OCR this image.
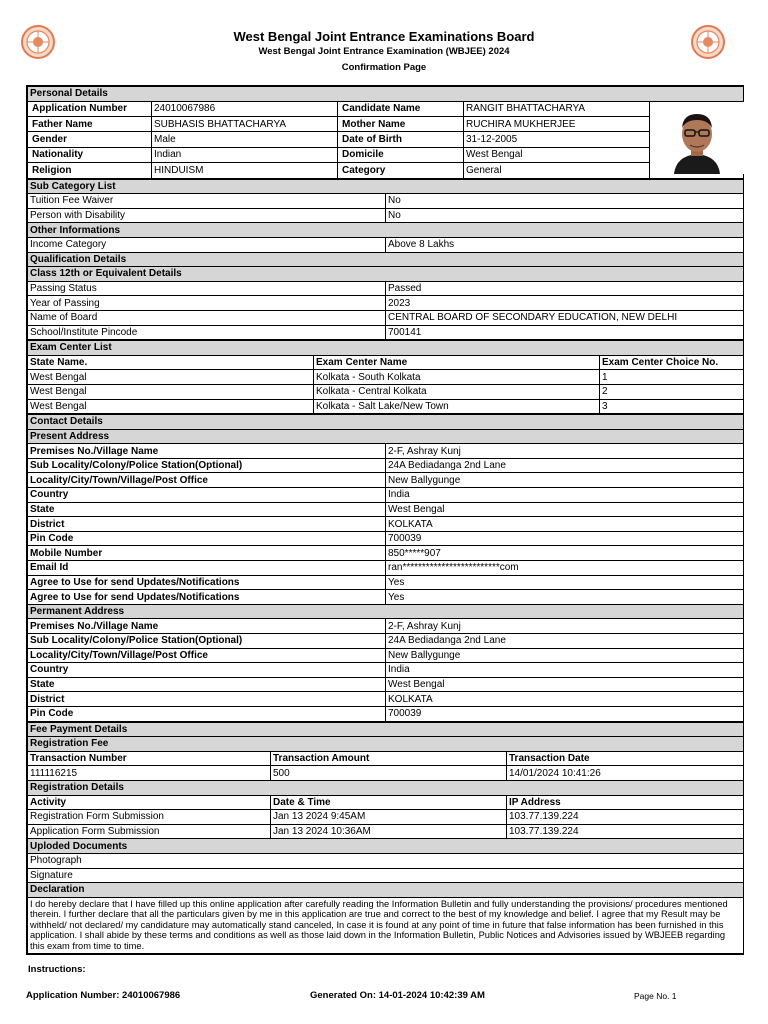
West Bengal Joint Entrance Examinations Board
West Bengal Joint Entrance Examination (WBJEE) 2024
Confirmation Page
Personal Details				
Application Number	24010067986	Candidate Name	RANGIT BHATTACHARYA	
Father Name	SUBHASIS BHATTACHARYA	Mother Name	RUCHIRA MUKHERJEE	
Gender	Male	Date of Birth	31-12-2005	
Nationality	Indian	Domicile	West Bengal	
Religion	HINDUISM	Category	General	
Sub Category List	
Tuition Fee Waiver	No
Person with Disability	No
Other Informations	
Income Category	Above 8 Lakhs
Qualification Details	
Class 12th or Equivalent Details	
Passing Status	Passed
Year of Passing	2023
Name of Board	CENTRAL BOARD OF SECONDARY EDUCATION, NEW DELHI
School/Institute Pincode	700141
Exam Center List		
State Name.	Exam Center Name	Exam Center Choice No.
West Bengal	Kolkata - South Kolkata	1
West Bengal	Kolkata - Central Kolkata	2
West Bengal	Kolkata - Salt Lake/New Town	3
Contact Details	
Present Address	
Premises No./Village Name	2-F, Ashray Kunj
Sub Locality/Colony/Police Station(Optional)	24A Bediadanga 2nd Lane
Locality/City/Town/Village/Post Office	New Ballygunge
Country	India
State	West Bengal
District	KOLKATA
Pin Code	700039
Mobile Number	850*****907
Email Id	ran*************************com
Agree to Use for send Updates/Notifications	Yes
Agree to Use for send Updates/Notifications	Yes
Permanent Address	
Premises No./Village Name	2-F, Ashray Kunj
Sub Locality/Colony/Police Station(Optional)	24A Bediadanga 2nd Lane
Locality/City/Town/Village/Post Office	New Ballygunge
Country	India
State	West Bengal
District	KOLKATA
Pin Code	700039
Fee Payment Details		
Registration Fee		
Transaction Number	Transaction Amount	Transaction Date
111116215	500	14/01/2024 10:41:26
Registration Details		
Activity	Date & Time	IP Address
Registration Form Submission	Jan 13 2024 9:45AM	103.77.139.224
Application Form Submission	Jan 13 2024 10:36AM	103.77.139.224
Uploded Documents		
Photograph		
Signature		
Declaration		
I do hereby declare that I have filled up this online application after carefully reading the Information Bulletin and fully understanding the provisions/ procedures mentioned therein. I further declare that all the particulars given by me in this application are true and correct to the best of my knowledge and belief. I agree that my Result may be withheld/ not declared/ my candidature may automatically stand canceled, In case it is found at any point of time in future that false information has been furnished in this application. I shall abide by these terms and conditions as well as those laid down in the Information Bulletin, Public Notices and Advisories issued by WBJEEB regarding this exam from time to time.		
Instructions:
Application Number: 24010067986	Generated On: 14-01-2024 10:42:39 AM	Page No. 1
